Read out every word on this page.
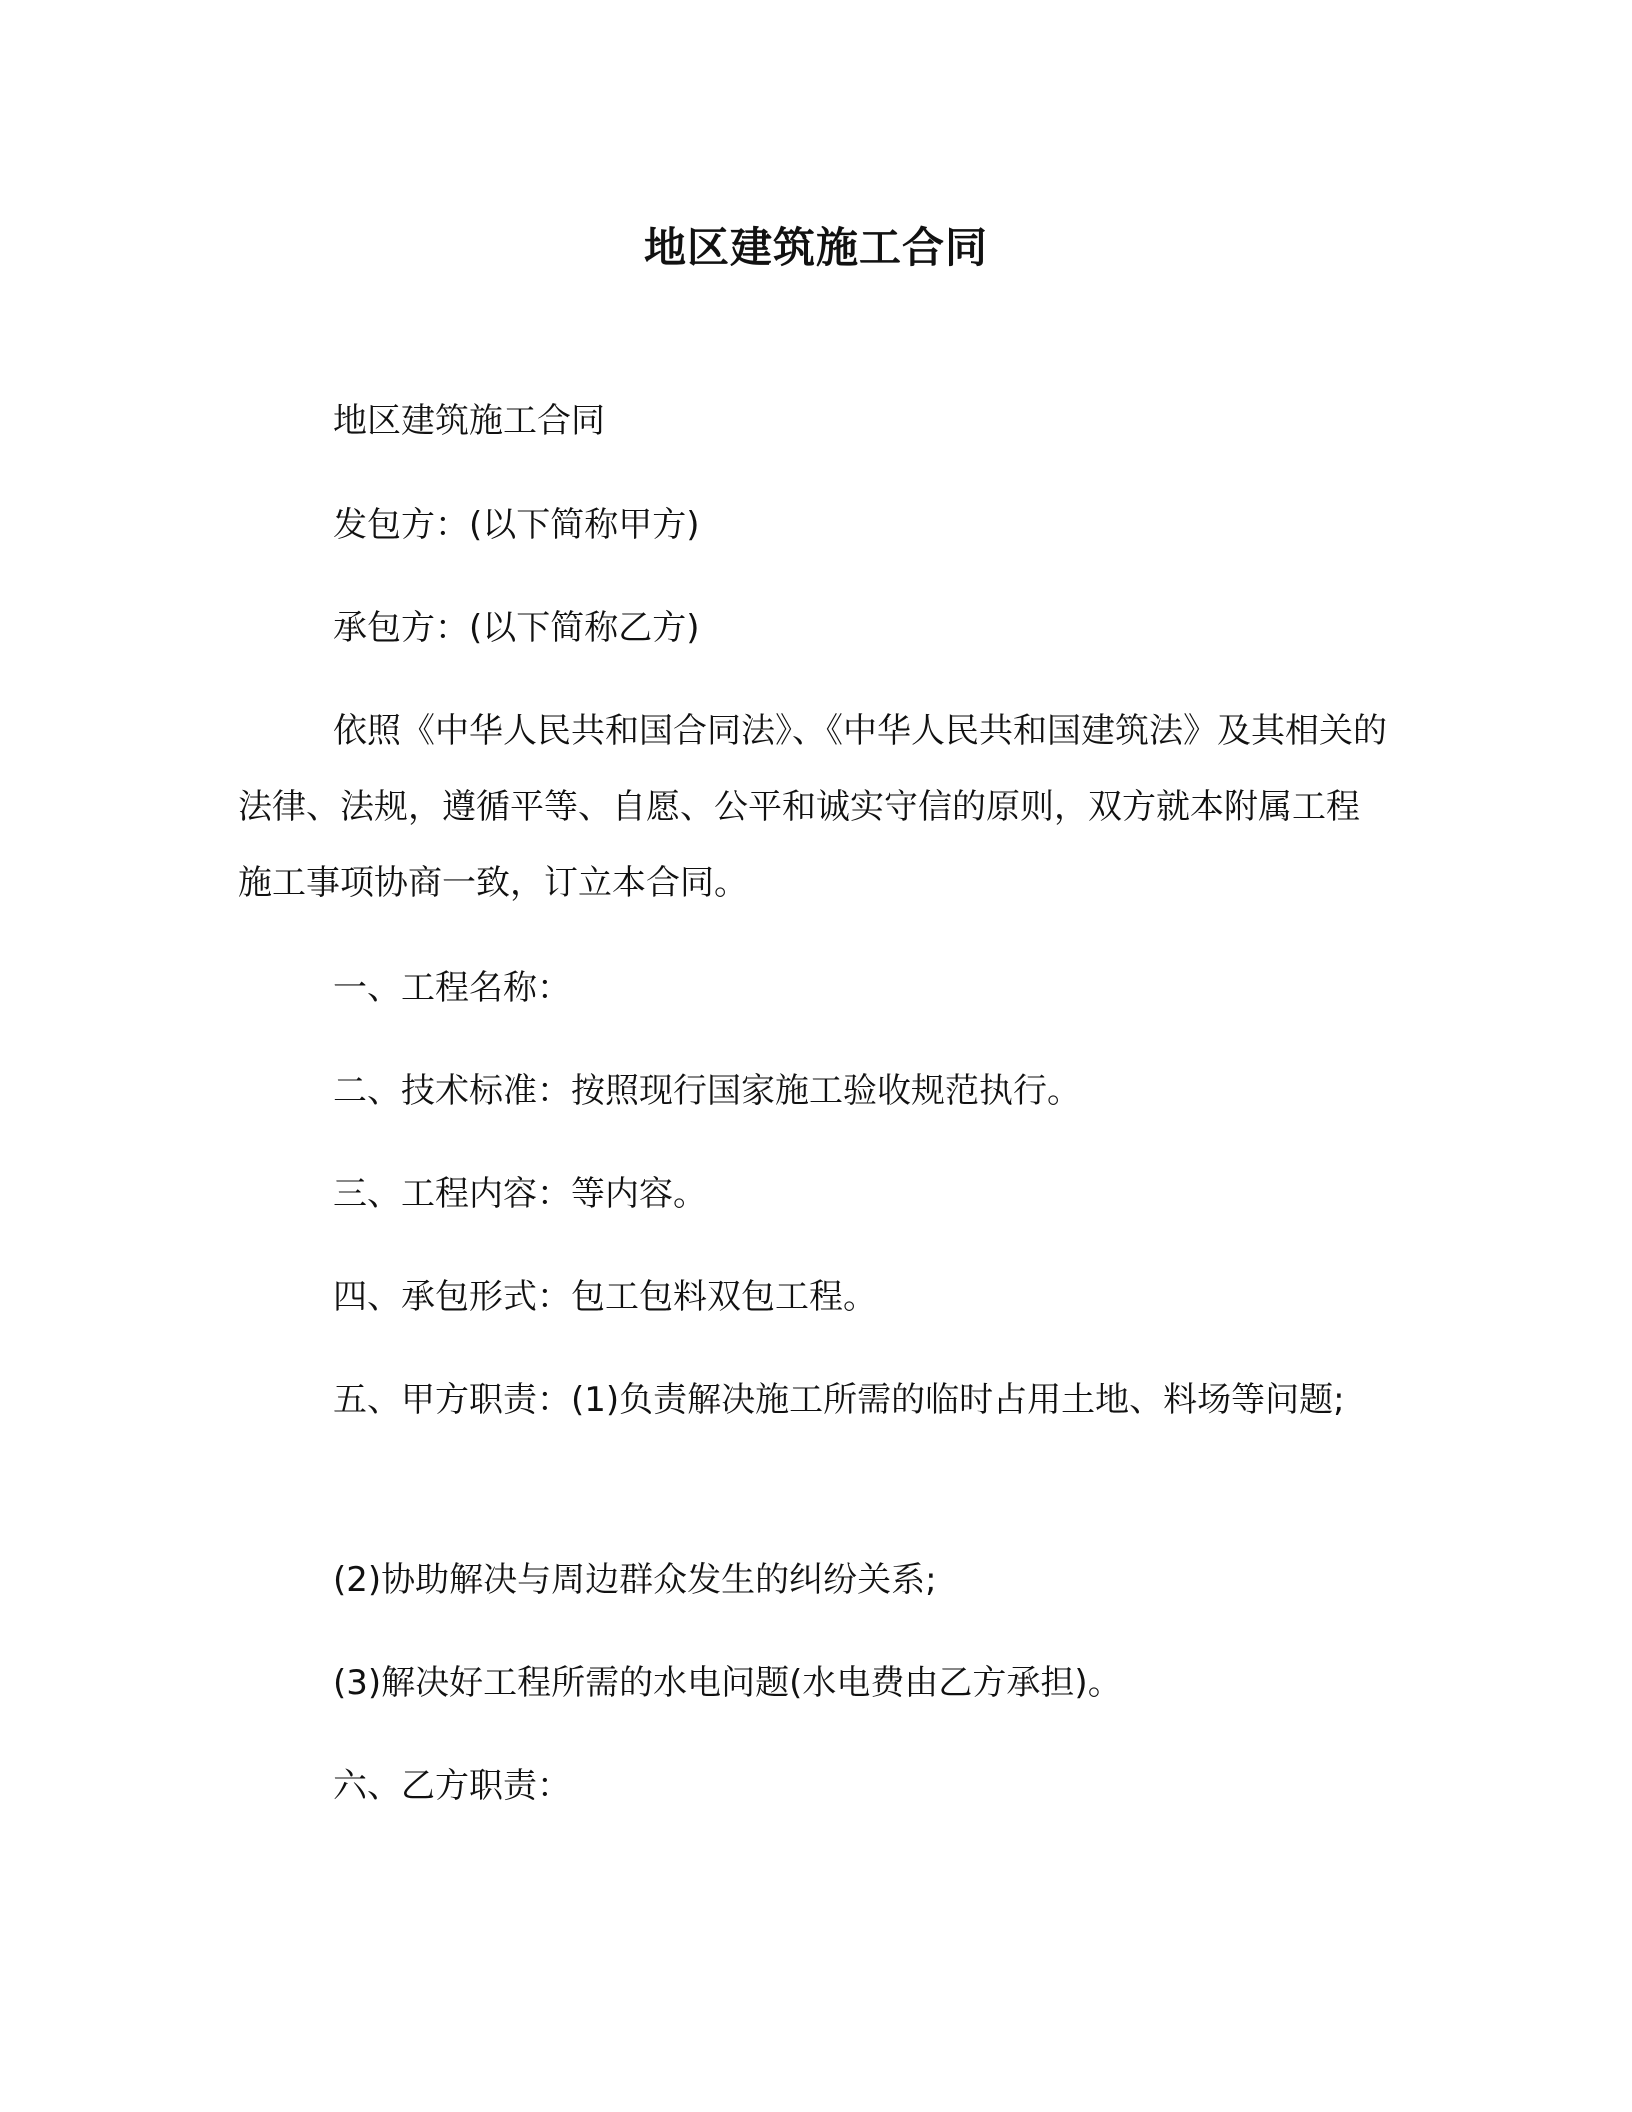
地区建筑施工合同
地区建筑施工合同
发包方：(以下简称甲方)
承包方：(以下简称乙方)
依照《中华人民共和国合同法》、《中华人民共和国建筑法》及其相关的法律、法规，遵循平等、自愿、公平和诚实守信的原则，双方就本附属工程施工事项协商一致，订立本合同。
一、工程名称：
二、技术标准：按照现行国家施工验收规范执行。
三、工程内容：等内容。
四、承包形式：包工包料双包工程。
五、甲方职责：(1)负责解决施工所需的临时占用土地、料场等问题;
(2)协助解决与周边群众发生的纠纷关系;
(3)解决好工程所需的水电问题(水电费由乙方承担)。
六、乙方职责：
